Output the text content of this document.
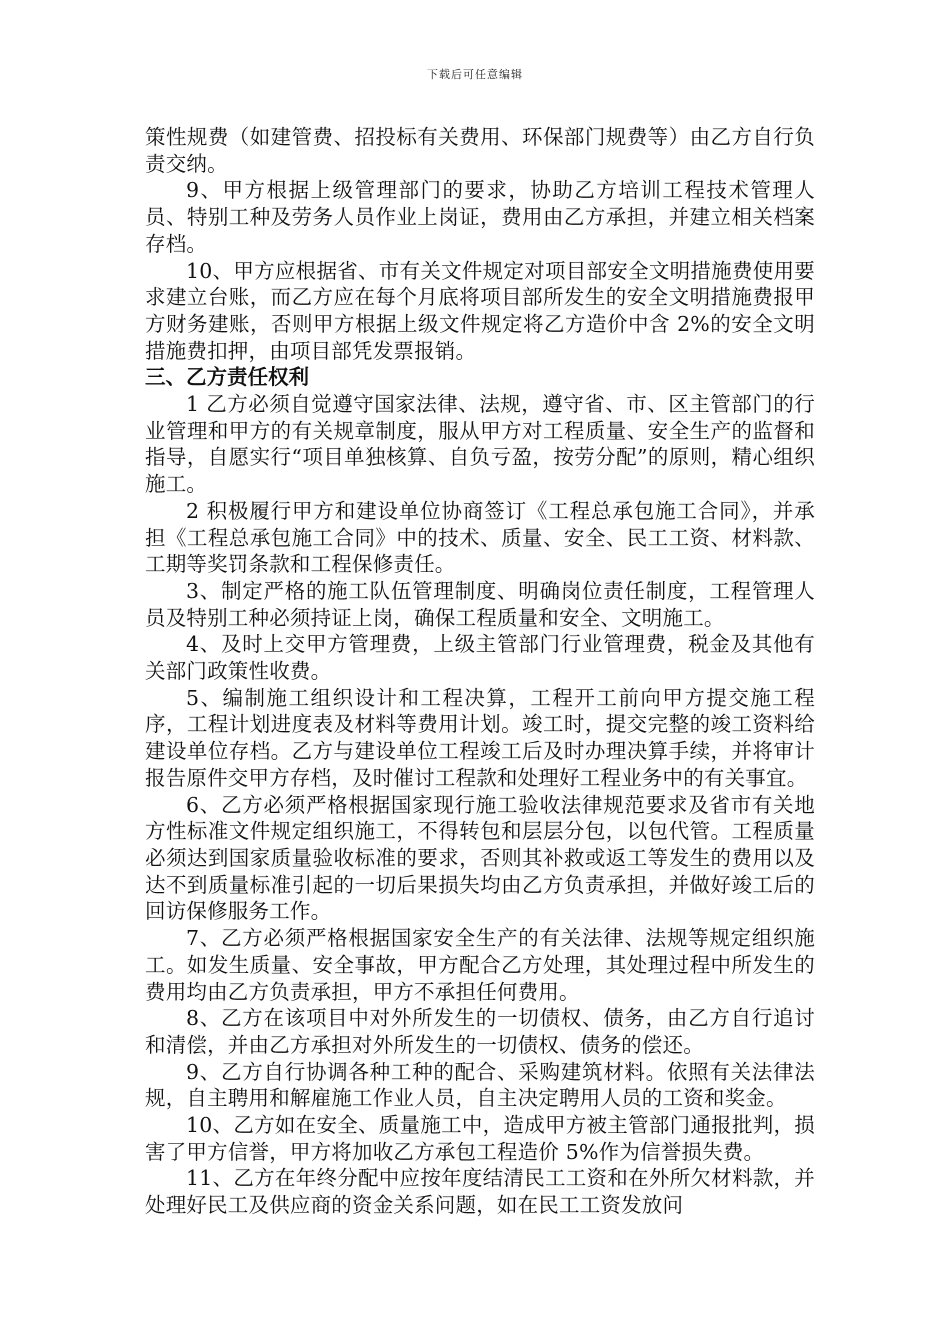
下载后可任意编辑

策性规费（如建管费、招投标有关费用、环保部门规费等）由乙方自行负责交纳。

9、甲方根据上级管理部门的要求，协助乙方培训工程技术管理人员、特别工种及劳务人员作业上岗证，费用由乙方承担，并建立相关档案存档。

10、甲方应根据省、市有关文件规定对项目部安全文明措施费使用要求建立台账，而乙方应在每个月底将项目部所发生的安全文明措施费报甲方财务建账，否则甲方根据上级文件规定将乙方造价中含 2%的安全文明措施费扣押，由项目部凭发票报销。

三、乙方责任权利

1 乙方必须自觉遵守国家法律、法规，遵守省、市、区主管部门的行业管理和甲方的有关规章制度，服从甲方对工程质量、安全生产的监督和指导，自愿实行“项目单独核算、自负亏盈，按劳分配”的原则，精心组织施工。

2 积极履行甲方和建设单位协商签订《工程总承包施工合同》，并承担《工程总承包施工合同》中的技术、质量、安全、民工工资、材料款、工期等奖罚条款和工程保修责任。

3、制定严格的施工队伍管理制度、明确岗位责任制度，工程管理人员及特别工种必须持证上岗，确保工程质量和安全、文明施工。

4、及时上交甲方管理费，上级主管部门行业管理费，税金及其他有关部门政策性收费。

5、编制施工组织设计和工程决算，工程开工前向甲方提交施工程序，工程计划进度表及材料等费用计划。竣工时，提交完整的竣工资料给建设单位存档。乙方与建设单位工程竣工后及时办理决算手续，并将审计报告原件交甲方存档，及时催讨工程款和处理好工程业务中的有关事宜。

6、乙方必须严格根据国家现行施工验收法律规范要求及省市有关地方性标准文件规定组织施工，不得转包和层层分包，以包代管。工程质量必须达到国家质量验收标准的要求，否则其补救或返工等发生的费用以及达不到质量标准引起的一切后果损失均由乙方负责承担，并做好竣工后的回访保修服务工作。

7、乙方必须严格根据国家安全生产的有关法律、法规等规定组织施工。如发生质量、安全事故，甲方配合乙方处理，其处理过程中所发生的费用均由乙方负责承担，甲方不承担任何费用。

8、乙方在该项目中对外所发生的一切债权、债务，由乙方自行追讨和清偿，并由乙方承担对外所发生的一切债权、债务的偿还。

9、乙方自行协调各种工种的配合、采购建筑材料。依照有关法律法规，自主聘用和解雇施工作业人员，自主决定聘用人员的工资和奖金。

10、乙方如在安全、质量施工中，造成甲方被主管部门通报批判，损害了甲方信誉，甲方将加收乙方承包工程造价 5%作为信誉损失费。

11、乙方在年终分配中应按年度结清民工工资和在外所欠材料款，并处理好民工及供应商的资金关系问题，如在民工工资发放问
